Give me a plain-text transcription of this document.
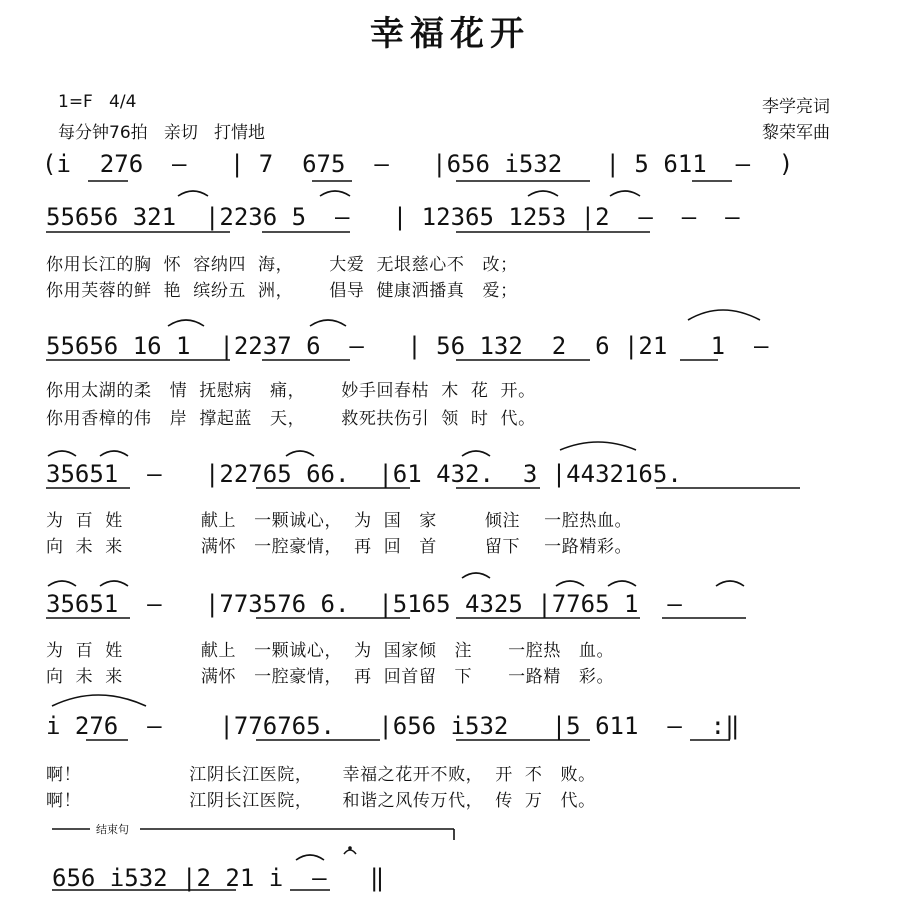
幸福花开
1=F   4/4
每分钟76拍   亲切   打情地
李学亮词
黎荣军曲
(i  276  –   | 7  675  –   |656 i532   | 5 611  –  )
55656 321  |2236 5  –   | 12365 1253 |2  –  –  –
你用长江的胸  怀  容纳四  海，      大爱  无垠慈心不   改；
你用芙蓉的鲜  艳  缤纷五  洲，      倡导  健康洒播真   爱；
55656 16 1  |2237 6  –   | 56 132  2  6 |21   1  –
你用太湖的柔   情  抚慰病   痛，      妙手回春枯  木  花  开。
你用香樟的伟   岸  撑起蓝   天，      救死扶伤引  领  时  代。
35651  –   |22765 66.  |61 432.  3 |4432165.
为  百  姓             献上   一颗诚心，  为  国   家        倾注    一腔热血。
向  未  来             满怀   一腔豪情，  再  回   首        留下    一路精彩。
35651  –   |773576 6.  |5165 4325 |7765 1  –
为  百  姓             献上   一颗诚心，  为  国家倾   注      一腔热   血。
向  未  来             满怀   一腔豪情，  再  回首留   下      一路精   彩。
i 276  –    |776765.   |656 i532   |5 611  –  :‖
啊！                  江阴长江医院，     幸福之花开不败，  开  不   败。
啊！                  江阴长江医院，     和谐之风传万代，  传  万   代。
结束句
656 i532 |2 21 i  –   ‖
